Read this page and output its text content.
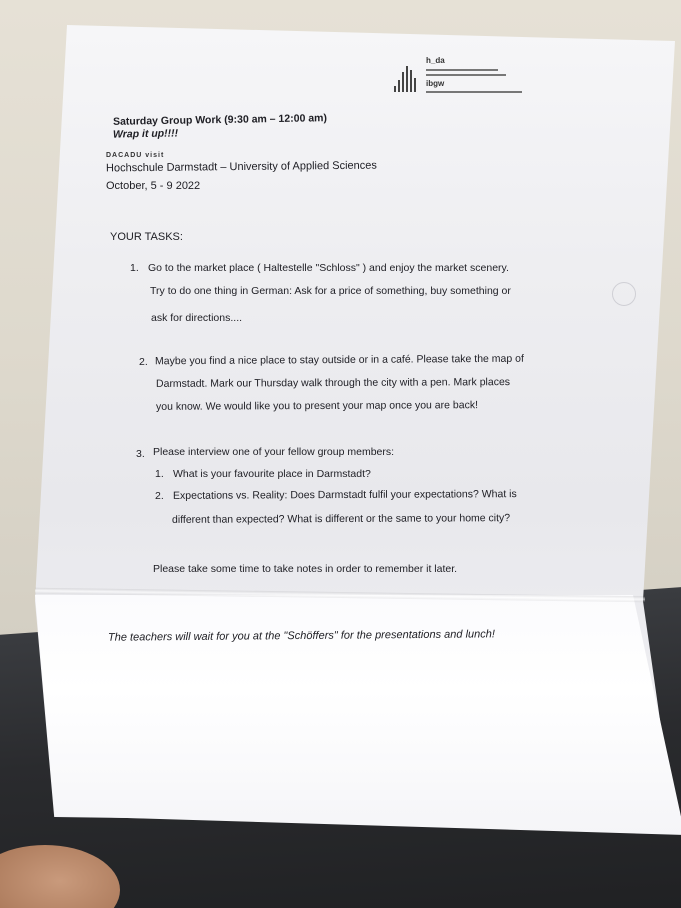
h_da
ibgw
Saturday Group Work (9:30 am – 12:00 am)
Wrap it up!!!!
DACADU visit
Hochschule Darmstadt – University of Applied Sciences
October, 5 - 9 2022
YOUR TASKS:
1. Go to the market place ( Haltestelle "Schloss" ) and enjoy the market scenery.
Try to do one thing in German: Ask for a price of something, buy something or
ask for directions....
2. Maybe you find a nice place to stay outside or in a café. Please take the map of
Darmstadt. Mark our Thursday walk through the city with a pen. Mark places
you know. We would like you to present your map once you are back!
3. Please interview one of your fellow group members:
1. What is your favourite place in Darmstadt?
2. Expectations vs. Reality: Does Darmstadt fulfil your expectations? What is
different than expected? What is different or the same to your home city?
Please take some time to take notes in order to remember it later.
The teachers will wait for you at the "Schöffers" for the presentations and lunch!
